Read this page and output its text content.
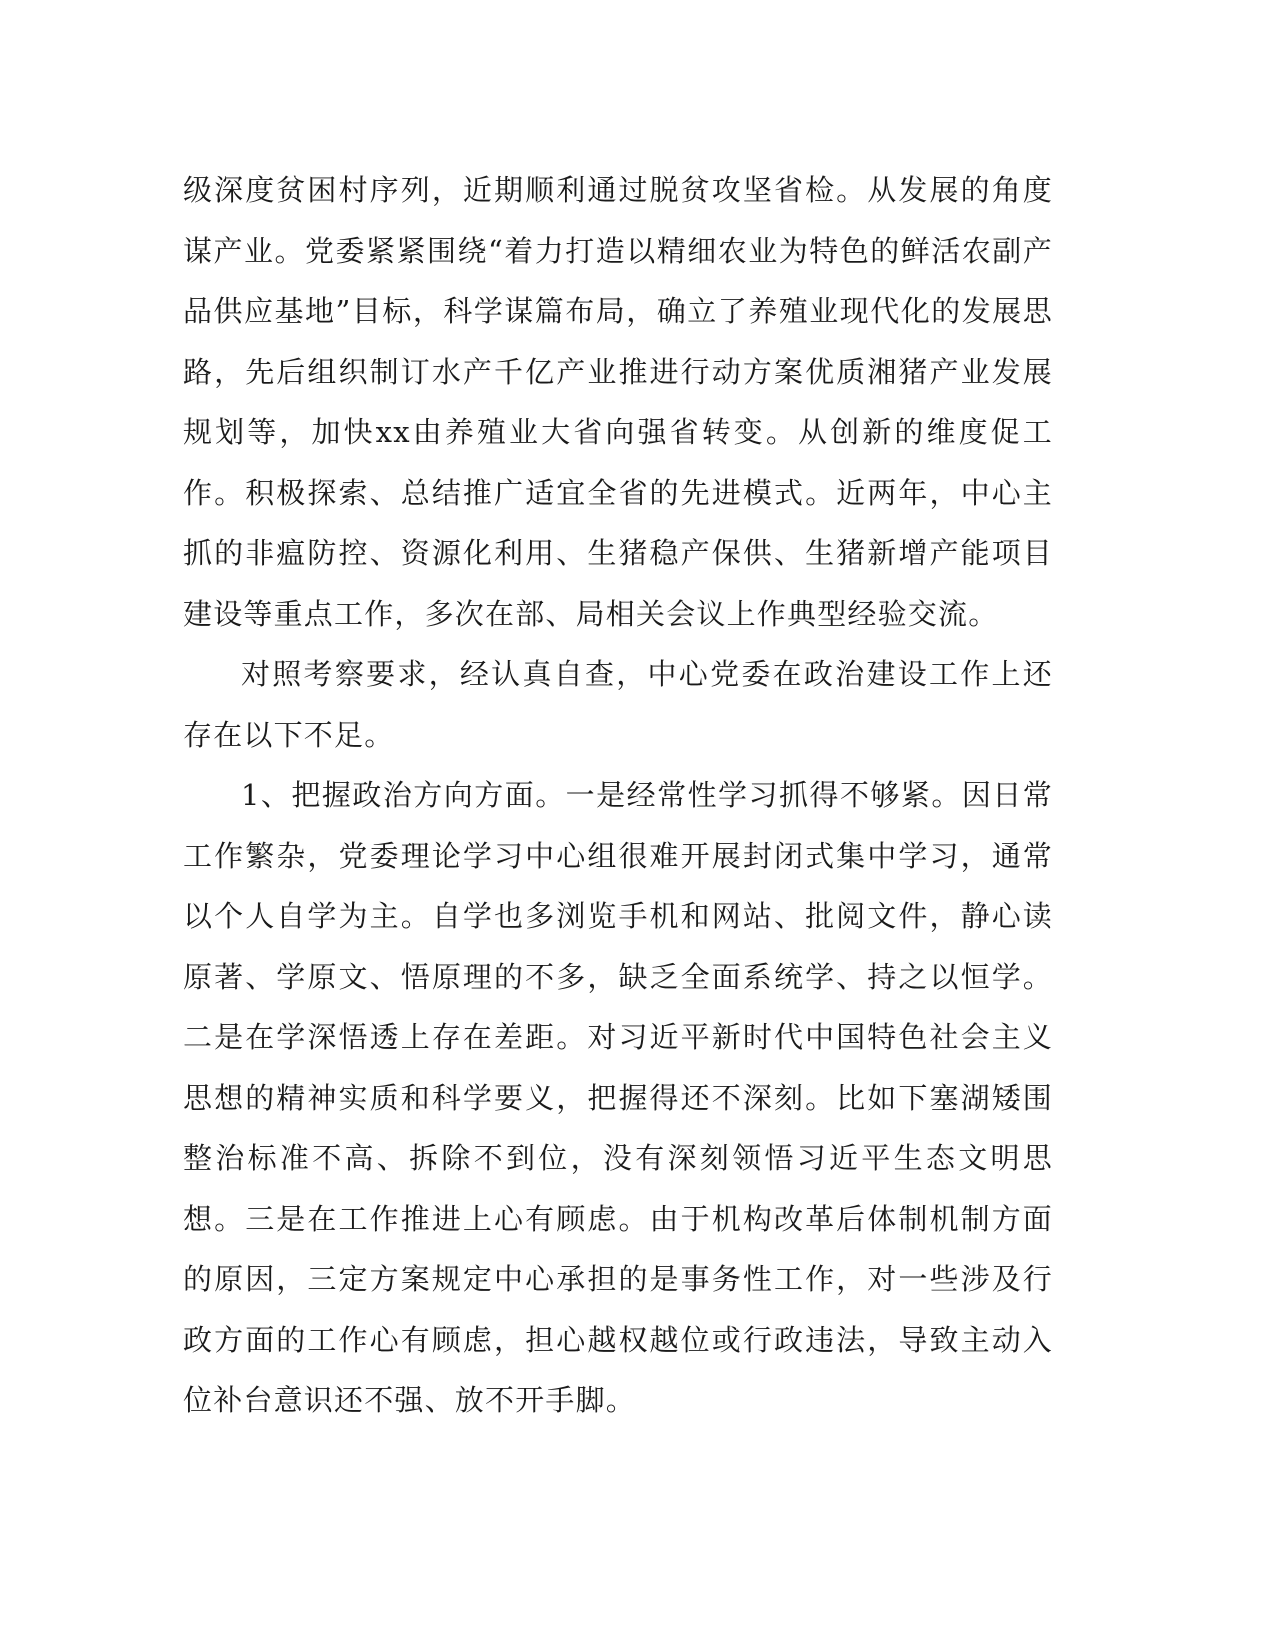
级深度贫困村序列，近期顺利通过脱贫攻坚省检。从发展的角度谋产业。党委紧紧围绕“着力打造以精细农业为特色的鲜活农副产品供应基地”目标，科学谋篇布局，确立了养殖业现代化的发展思路，先后组织制订水产千亿产业推进行动方案优质湘猪产业发展规划等，加快xx由养殖业大省向强省转变。从创新的维度促工作。积极探索、总结推广适宜全省的先进模式。近两年，中心主抓的非瘟防控、资源化利用、生猪稳产保供、生猪新增产能项目建设等重点工作，多次在部、局相关会议上作典型经验交流。

对照考察要求，经认真自查，中心党委在政治建设工作上还存在以下不足。

1、把握政治方向方面。一是经常性学习抓得不够紧。因日常工作繁杂，党委理论学习中心组很难开展封闭式集中学习，通常以个人自学为主。自学也多浏览手机和网站、批阅文件，静心读原著、学原文、悟原理的不多，缺乏全面系统学、持之以恒学。二是在学深悟透上存在差距。对习近平新时代中国特色社会主义思想的精神实质和科学要义，把握得还不深刻。比如下塞湖矮围整治标准不高、拆除不到位，没有深刻领悟习近平生态文明思想。三是在工作推进上心有顾虑。由于机构改革后体制机制方面的原因，三定方案规定中心承担的是事务性工作，对一些涉及行政方面的工作心有顾虑，担心越权越位或行政违法，导致主动入位补台意识还不强、放不开手脚。
